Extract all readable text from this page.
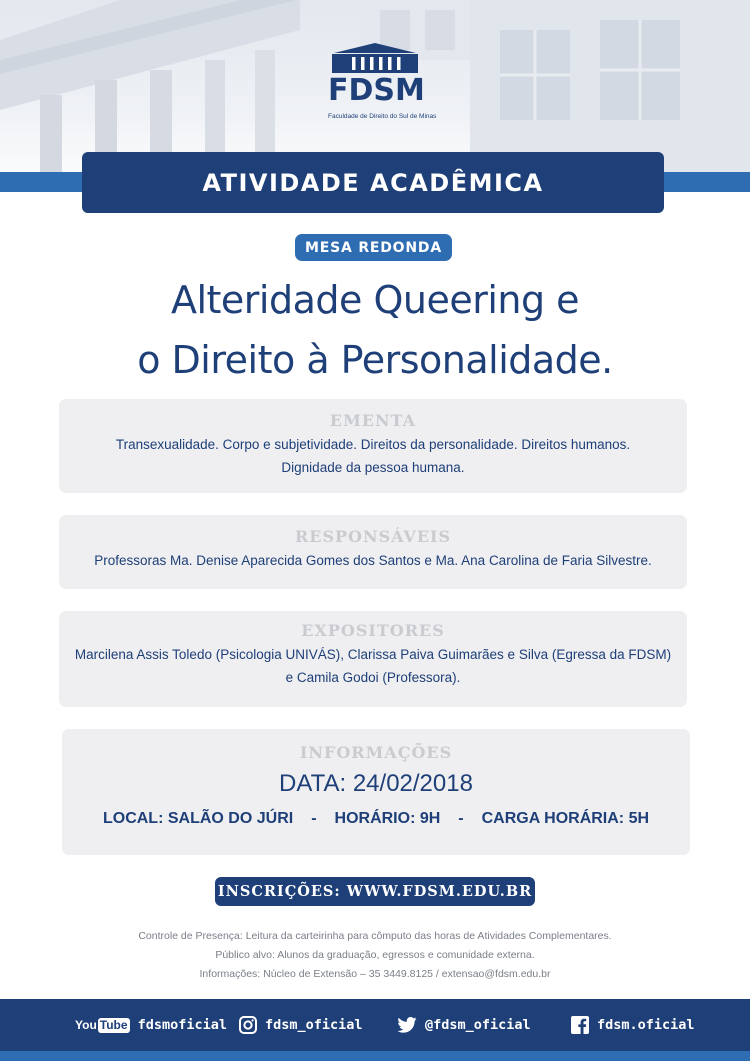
FDSM
Faculdade de Direito do Sul de Minas
ATIVIDADE ACADÊMICA
MESA REDONDA
Alteridade Queering e
o Direito à Personalidade.
EMENTA
Transexualidade. Corpo e subjetividade. Direitos da personalidade. Direitos humanos.
Dignidade da pessoa humana.
RESPONSÁVEIS
Professoras Ma. Denise Aparecida Gomes dos Santos e Ma. Ana Carolina de Faria Silvestre.
EXPOSITORES
Marcilena Assis Toledo (Psicologia UNIVÁS), Clarissa Paiva Guimarães e Silva (Egressa da FDSM)
e Camila Godoi (Professora).
INFORMAÇÕES
DATA: 24/02/2018
LOCAL: SALÃO DO JÚRI - HORÁRIO: 9H - CARGA HORÁRIA: 5H
INSCRIÇÕES: WWW.FDSM.EDU.BR
Controle de Presença: Leitura da carteirinha para cômputo das horas de Atividades Complementares.
Público alvo: Alunos da graduação, egressos e comunidade externa.
Informações: Núcleo de Extensão – 35 3449.8125 / extensao@fdsm.edu.br
You Tube fdsmoficial	fdsm_oficial	@fdsm_oficial	fdsm.oficial
